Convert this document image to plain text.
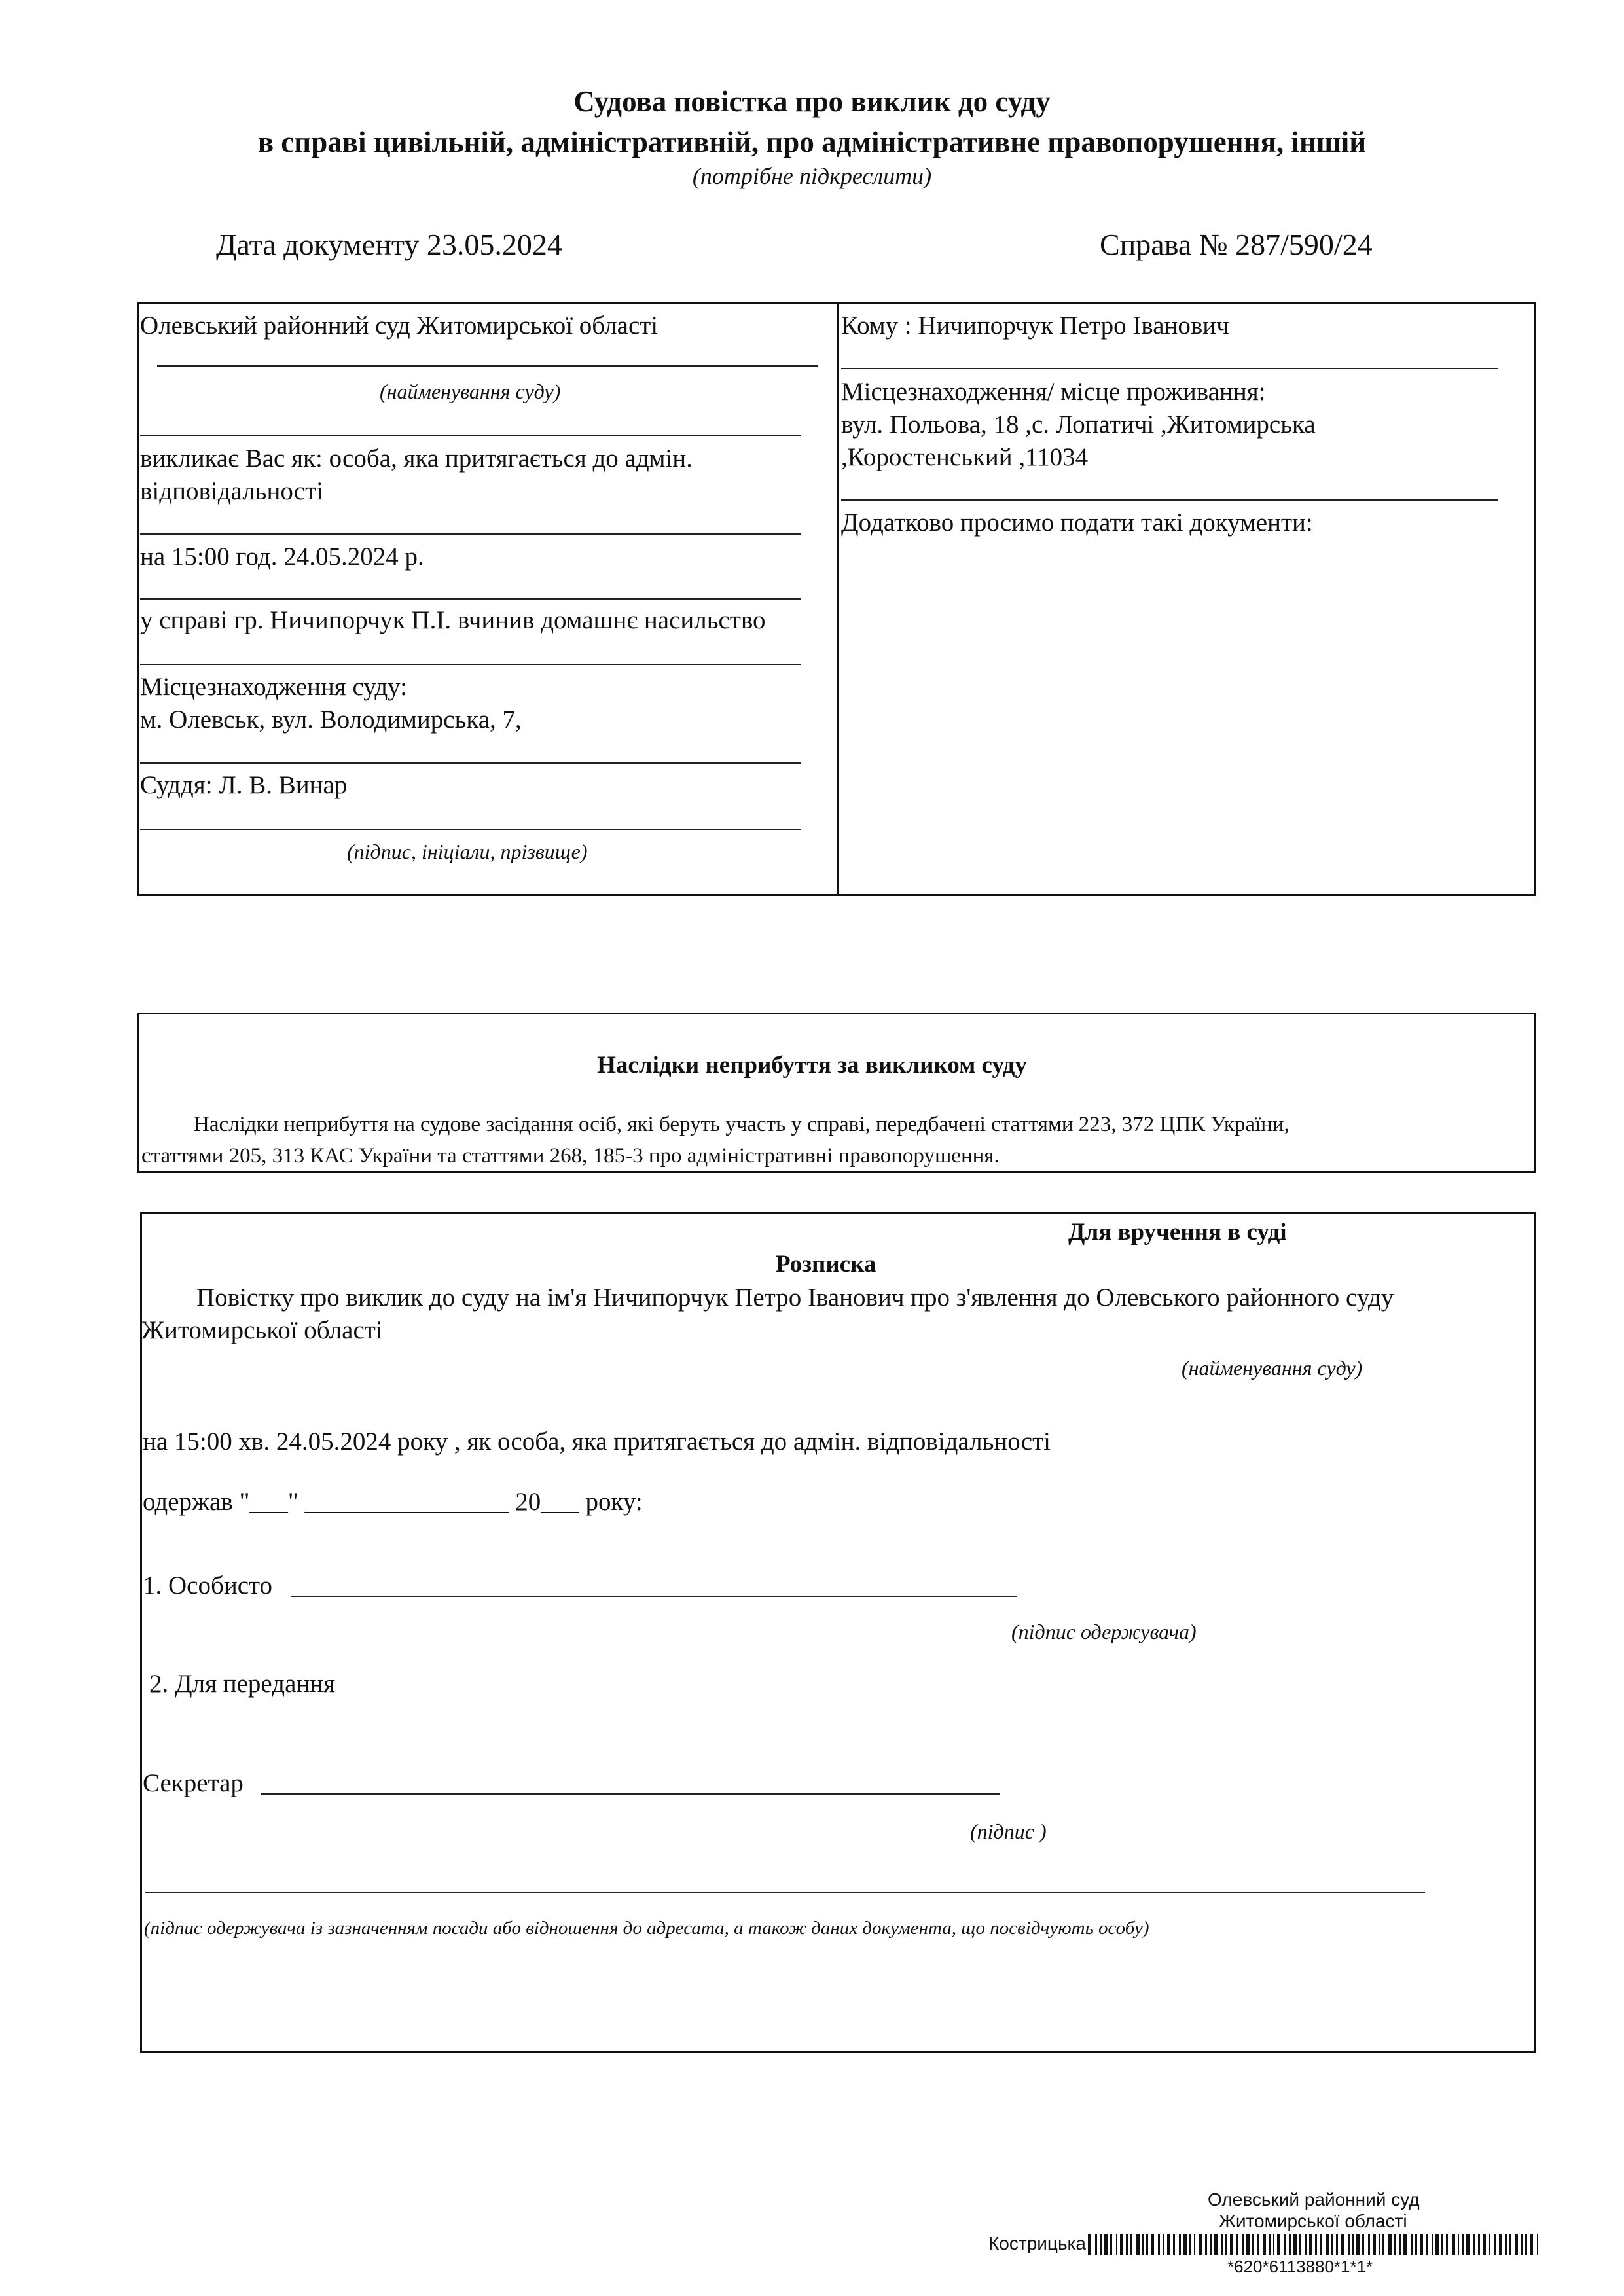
Судова повістка про виклик до суду
в справі цивільній, адміністративній, про адміністративне правопорушення, іншій
(потрібне підкреслити)
Дата документу 23.05.2024	Справа № 287/590/24
Олевський районний суд Житомирської області
(найменування суду)
викликає Вас як: особа, яка притягається до адмін.
відповідальності
на 15:00 год. 24.05.2024 р.
у справі гр. Ничипорчук П.І. вчинив домашнє насильство
Місцезнаходження суду:
м. Олевськ, вул. Володимирська, 7,
Суддя: Л. В. Винар
(підпис, ініціали, прізвище)
Кому : Ничипорчук Петро Іванович
Місцезнаходження/ місце проживання:
вул. Польова, 18 ,с. Лопатичі ,Житомирська
,Коростенський ,11034
Додатково просимо подати такі документи:
Наслідки неприбуття за викликом суду
Наслідки неприбуття на судове засідання осіб, які беруть участь у справі, передбачені статтями 223, 372 ЦПК України,
статтями 205, 313 КАС України та статтями 268, 185-3 про адміністративні правопорушення.
Для вручення в суді
Розписка
Повістку про виклик до суду на ім'я Ничипорчук Петро Іванович про з'явлення до Олевського районного суду
Житомирської області
(найменування суду)
на 15:00 хв. 24.05.2024 року , як особа, яка притягається до адмін. відповідальності
одержав "___" ________________ 20___ року:
1. Особисто
(підпис одержувача)
2. Для передання
Секретар
(підпис )
(підпис одержувача із зазначенням посади або відношення до адресата, а також даних документа, що посвідчують особу)
Олевський районний суд
Житомирської області
Кострицька
*620*6113880*1*1*
